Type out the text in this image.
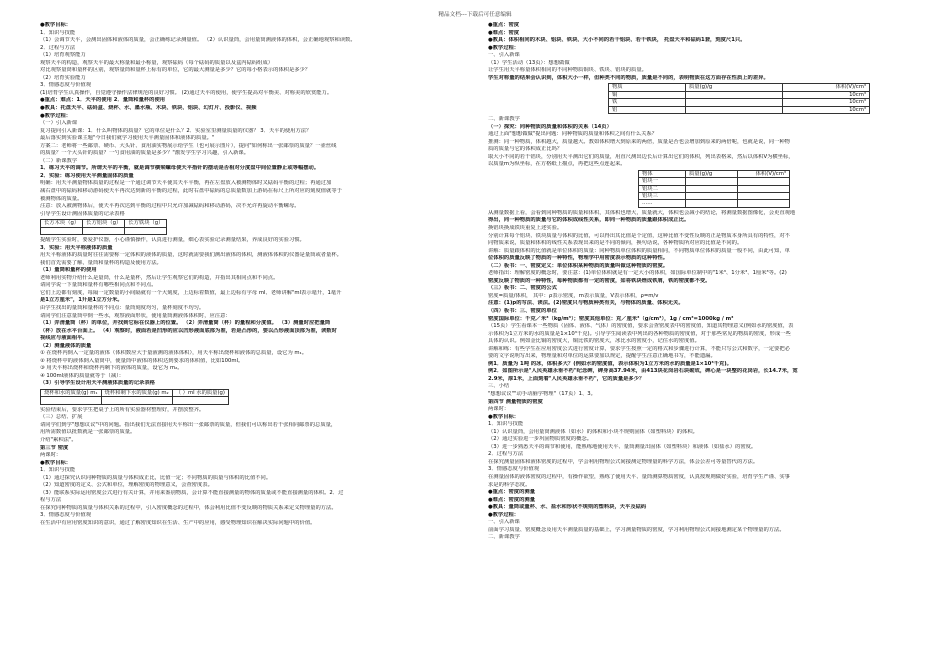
精品文档---下载后可任意编辑
●教学目标：
1．知识与技能
（1）会调节天平，会测出固体和液体的质量，会正确练记录测量值。 （2）认识量筒，会用量筒测液体的体积，会正确地观察和读数。
2．过程与方法
（1）培育观察能力
观察天平的构造，观察天平的最大称量和最小称量，观察砝码（每个砝码的质量以及盒内砝码组成）
对比观察量筒和量杯的区别，观察量筒和量杯上标有的单位，它的最大测量是多少？它的每小格表示的体积是多少？
（2）培育实验能力
3．情感态度与价值观
(1)培育学生认真操作，自觉遵守操作法律规范的良好习惯。 (2)通过天平的使用，使学生提高对平衡美、对称美的欣赏能力。
●重点：难点：1．天平的使用 2．量筒和量杯的使用
●教具：托盘天平、砝码盒、烧杯、水、墨水瓶、木块、铁块、铝块、幻灯片、投影仪、视频
●教学过程：
（一）引入新课
复习提问引入新课：1．什么叫物体的质量？它的单位是什么？2．实验室里测量质量的仪器？ 3．天平的使用方法？
最后落实到实验课主题"今日我们就学习使用天平测量固体和液体的质量。"
方案二：老师将一些邮票、硬币、大头针、食用油实物展示给学生（也可展示图片），提问"如何称出一张邮票的质量？一壶丝线
的质量？一个大头针的质量？一勺食用油的质量是多少？"激发学生学习兴趣，引入新课。
（二）新课教学
1．练习天平的调节。所谓天平的平衡，就是调节横梁螺母使天平指针的摆动是否相对分度盘中间位置静止或等幅摆动。
2．实验：练习使用天平测量固体的质量
明确：用天平测量物体质量的过程是一个通过调节天平使其天平平衡，再在左盘放入被测物体时又砝码平衡的过程；再通过加
减右盘中的砝码和移动游码使天平再次达到新的平衡的过程，此时右盘中砝码的总质量数加上游码在标尺上所对应的刻度值就等于
被测物体的质量。
注意：放入被测物体后，使天平再次达到平衡的过程中只允许加减砝码和移动游码，决不允许再旋动平衡螺母。
引导学生设计测固体质量的记录表格
长方木块（g）	长方铝块（g）	长方铁块（g）

提醒学生实验时，要爱护仪器，小心谨慎操作，认真进行测量，细心表实验记录测量结果，养成良好的实验习惯。
3．实验：用天平称液体的质量
用天平称液体的质量时往往需要称一定体积的液体的质量，这时就需要我们测出液体的体积，测液体体积的仪器是量筒或者量杯。
我们首先需要了解，量筒和量杯的构造及使用方法。
（1）量筒和量杯的使用
老师利用实物介绍什么是量筒，什么是量杯，然后让学生观察它们的构造，并指出其相同点和不同点。
请同学说一下量筒和量杯有哪些相同点和不同点。
它们上边都有刻度，每隔一定数量的小间隔就有一个大刻度，上边标着数值，最上边标有字母 ml、老师讲解"ml表示毫升，1毫升
是1立方厘米"，1升是1立方分米。
由学生找出的量筒和量杯的不同点：量筒刻度均匀，量杯刻度不均匀。
请同学们注意量筒中倒一些水，观察液面形状，使用量筒测液体体积时，应注意：
（1）弄清量筒（杯）的单位，并找到它标在仪器上的位置。 （2）弄清量筒（杯）的量程和分度值。 （3）测量时应把量筒
（杯）放在水平台面上。 （4）观察时，液面若是凹形的应以凹形液面底部为准，若是凸形的，要以凸形液面顶部为准，读数时
视线应与液面相平。
（2）测量液体的质量
① 在烧杯内倒入一定量的液体（体积数应大于量液测的液体体积），用天平称出烧杯和液体的总质量，设它为 m₁。
② 将烧杯中的液体倒入量筒中，使量筒中液体的体积达到要求的体积值，比如100ml。
③ 用天平称出烧杯和烧杯内剩下的液体的质量，设它为 m₂。
④ 100ml液体的质量就等于（减）：
（3）引导学生设计用天平测液体质量的记录表格
烧杯和水的质量(g) m₁	烧杯和剩下水的质量(g) m₂	（ ）ml 水的质量(g)

实验结束后，要求学生把桌子上的所有实验器材整理好，并摆放整齐。
（三）总结、扩展
请同学们到学"想想议议"中的问题。指出我们无法直接用天平称出一张邮票的质量，但我们可以称出若干张相同邮票的总质量，
用所需数值以批数就是一张邮票的质量。
介绍"累积法"。
第三节 密度
两课时：
●教学目标：
1．知识与技能
（1）通过探究认识同种物质的质量与体积成正比，比值一定；不同物质的质量与体积的比值不同。
（2）知道密度的定义、公式和单位，理解密度的物理意义，会查密度表。
（3）能联系实际运用密度公式进行有关计算，并用来鉴别物质，会计算不能直接测量的物体的质量或不能直接测量的体积。2．过
程与方法
在探究同种物质的质量与体积关系的过程中，引入密度概念的过程中，体会利用比值不变反映的物质关系来定义物理量的方法。
3．情感态度与价值观
在生活中有应用密度知识的意识，通过了解密度知识在生活、生产中的应用，感受物理知识在解决实际问题中的价值。
●重点：密度
●难点：密度
●教具：体积相同的木块、铝块、铁块、大小不同的若干铝块、若干铁块， 托盘天平和砝码1套，刻度尺1只。
●教学过程：
一、引入新课
（1）学生活动（13页）：想想做做
让学生用天平称量体积相同的不同种物质铜块、铁块、铝块的质量。
学生对称量的结果会认识到，体积大小一样，但种类不同的物质，质量是不同的，表明物质在这方面存在性质上的差异。
物质	质量(g)/g	体积(V)/cm³
铜		10cm³
铁		10cm³
铝		10cm³
二、新课教学
（一）探究：同种物质的质量和体积的关系（14页）
通过上面"想想做做"提出问题：同种物质的质量和体积之间有什么关系？
推测：同一种物质，体积越大，质量越大。教如体积增大到原来的两倍，质量是否也会增加到原来的两倍呢，也就是说，同一种物
质的质量与它的体积成正比吗？
取大小不同的若干铝块，分别用天平测出它们的质量，用直尺测出边长后计算出它们的体积，列出表格来，然后以体积V为横坐标，
以质量m为纵坐标，在方格纸上描点，再把这些点连起来。
物体	质量(g)/g	体积(V)/cm³
铝块一		
铝块二		
铝块三		
……		
从测量数据上看，会看到同种物质的质量和体积，其体积也增大，质量就大，体积也会减小的结论，将测量数据图像化，会更直观地
得出，同一种物质的质量与它的体积成线性关系，即同一种物质的质量跟体积成正比。
换铝块换成铁块重复上述实验。
分别计算每个铝块、铁块质量与体积的比值，可以得出其比值是个定值，这种比值不变性反映的正是物质本身所具有的特性，对不
同物质来说，质量和体积的线性关系表现出来的是不同的倾向，换句话说，各种物质所对应的比值是不同的。
讲解：质量跟体积的比值就是单位体积的质量：同种物质单位体积的质量相同，不同物质单位体积的质量一般不同，由此可知，单
位体积的质量反映了物质的一种特性，物理学中用密度表示物质的这种特性。
（二）板书：一、密度定义：单位体积某种物质的质量叫做这种物质的密度。
老师指出：理解密度的概念时，要注意：(1)单位体积就是有一定大小的体积，如国际单位制中的"1米³、1分米³、1厘米³等。(2)
密度反映了物质的一种特性，每种物质都有一定的密度，如将铁块锉成铁屑，铁的密度都不变。
（三）板书：二、密度的公式
密度=质量/体积， 其中：ρ表示密度，m表示质量，V表示体积，ρ=m/v
注意：(1)p的写法、读法。(2)密度只与物质种类有关，与物体的质量、体积无关。
（四）板书：三、密度的单位
密度国际单位：千克／米³（kg/m³）；密度其他单位：克／厘米³（g/cm³），1g / cm³=1000kg / m³
（15页）学生看课本一些物质（固体、液体、气体）的密度值，要求会查密度表中的密度值，知道其物理意义(例如水的密度值，表
示体积为1立方米的水的质量是1×10³千克)。引导学生阅读表中列出的各种物质的密度值，对于那些常见的物质的密度，形成一些
具体的认识。例如金比铜的密度大，铜比铁的密度大，冰比水的密度小，记住水的密度值。
讲解和练：有些学生在应用密度公式进行密度计算，要求学生按照一定的格式和步骤进行计算，不能只写公式和数字，一定要把必
要的文字说明写出来，物理量和对单位的运算要加以规定，提醒学生注意正确地书写，不能遗漏。
例1．质量为 1吨 的冰，体积多大？(例如水的密度值，表示体积为1立方米的水的质量是1×10³千克)。
例2．如图所示是"人民英雄永垂不朽"纪念碑，碑身高37.94米，由413块花岗岩石块砌成，碑心是一块整的花岗岩，长14.7米，宽
2.9米，厚1米，上面刻着"人民英雄永垂不朽"，它的质量是多少？
三、小结
"想想议议""动手动脑学物理"（17页）1、3。
第四节 测量物质的密度
两课时：
●教学目标：
1．知识与技能
（1）认识量筒，会用量筒测液体（如水）的体积和小块不规则固体（如塑料块）的体积。
（2）通过实验进一步巩固物质密度的概念。
（3）进一步熟悉天平的调节和使用，能熟练地使用天平、量筒测量出固体（如塑料块）和液体（如盐水）的密度。
2．过程与方法
在探究测量固体和液体密度的过程中，学会利用物理公式间接测定物理量的科学方法，体会公差可等量替代的方法。
3．情感态度与价值观
在测量固体的液体密度的过程中，有操作欲望，熟练了使用天平、量筒测算物质密度，认真按规则做好实验，培育学生严谨、实事
求是的科学态度。
●重点：密度的测量
●难点：密度的测量
●教具：量筒或量杯、水、盐水和形状不规则的塑料块，天平及砝码
●教学过程：
一、引入新课
前面学习质量、密度概念及用天平测量质量的基础上，学习测量物质的密度，学习利用物理公式间接地测定某个物理量的方法。
二、新课教学
